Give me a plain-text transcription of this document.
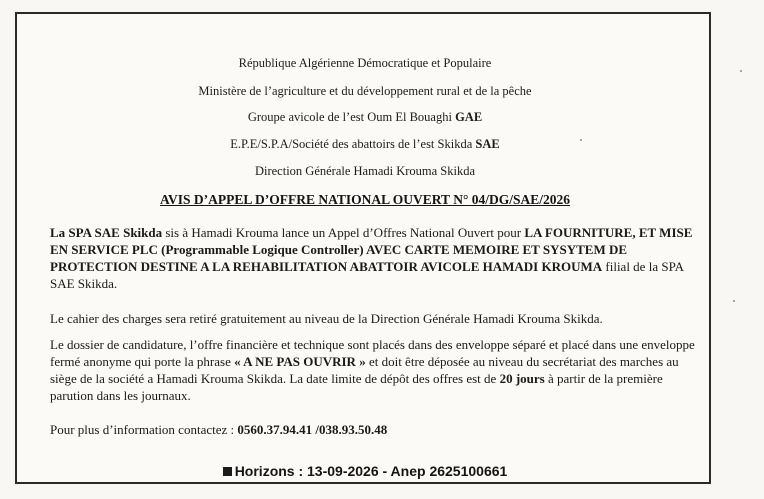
République Algérienne Démocratique et Populaire
Ministère de l’agriculture et du développement rural et de la pêche
Groupe avicole de l’est Oum El Bouaghi GAE
E.P.E/S.P.A/Société des abattoirs de l’est Skikda SAE
Direction Générale Hamadi Krouma Skikda
AVIS D’APPEL D’OFFRE NATIONAL OUVERT N° 04/DG/SAE/2026
La SPA SAE Skikda sis à Hamadi Krouma lance un Appel d’Offres National Ouvert pour LA FOURNITURE, ET MISE EN SERVICE PLC (Programmable Logique Controller) AVEC CARTE MEMOIRE ET SYSYTEM DE PROTECTION DESTINE A LA REHABILITATION ABATTOIR AVICOLE HAMADI KROUMA filial de la SPA SAE Skikda.
Le cahier des charges sera retiré gratuitement au niveau de la Direction Générale Hamadi Krouma Skikda.
Le dossier de candidature, l’offre financière et technique sont placés dans des enveloppe séparé et placé dans une enveloppe fermé anonyme qui porte la phrase « A NE PAS OUVRIR » et doit être déposée au niveau du secrétariat des marches au siège de la société a Hamadi Krouma Skikda. La date limite de dépôt des offres est de 20 jours à partir de la première parution dans les journaux.
Pour plus d’information contactez : 0560.37.94.41 /038.93.50.48
Horizons : 13-09-2026 - Anep 2625100661
